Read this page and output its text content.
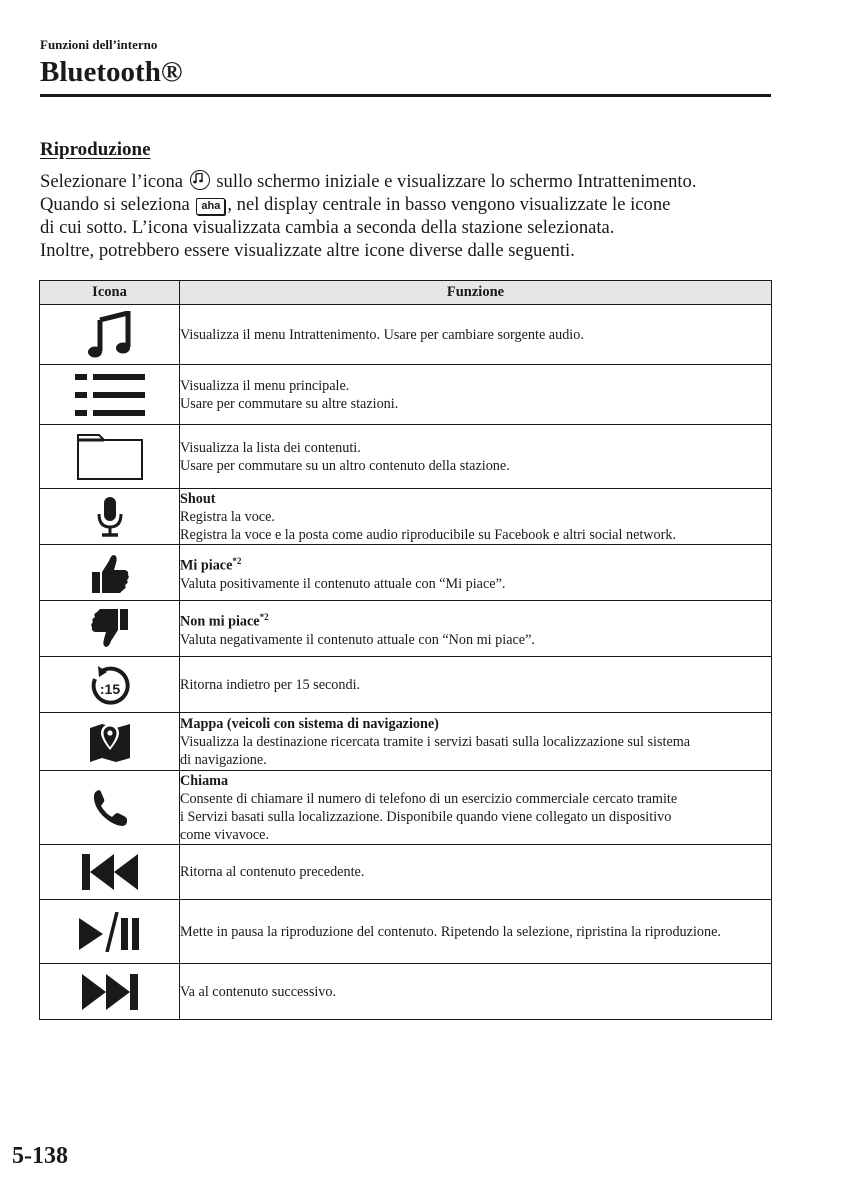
Funzioni dell’interno
Bluetooth®
Riproduzione

Selezionare l’icona sullo schermo iniziale e visualizzare lo schermo Intrattenimento.

Quando si seleziona aha , nel display centrale in basso vengono visualizzate le icone

di cui sotto. L’icona visualizzata cambia a seconda della stazione selezionata.

Inoltre, potrebbero essere visualizzate altre icone diverse dalle seguenti.

Icona	Funzione

Visualizza il menu Intrattenimento. Usare per cambiare sorgente audio.

Visualizza il menu principale.
Usare per commutare su altre stazioni.

Visualizza la lista dei contenuti.
Usare per commutare su un altro contenuto della stazione.

Shout
Registra la voce.
Registra la voce e la posta come audio riproducibile su Facebook e altri social network.

Mi piace$^{*2}$
Valuta positivamente il contenuto attuale con “Mi piace”.

Non mi piace$^{*2}$
Valuta negativamente il contenuto attuale con “Non mi piace”.

:15	Ritorna indietro per 15 secondi.

Mappa (veicoli con sistema di navigazione)
Visualizza la destinazione ricercata tramite i servizi basati sulla localizzazione sul sistema
di navigazione.

Chiama
Consente di chiamare il numero di telefono di un esercizio commerciale cercato tramite
i Servizi basati sulla localizzazione. Disponibile quando viene collegato un dispositivo
come vivavoce.

Ritorna al contenuto precedente.

Mette in pausa la riproduzione del contenuto. Ripetendo la selezione, ripristina la riproduzione.

Va al contenuto successivo.
5-138
